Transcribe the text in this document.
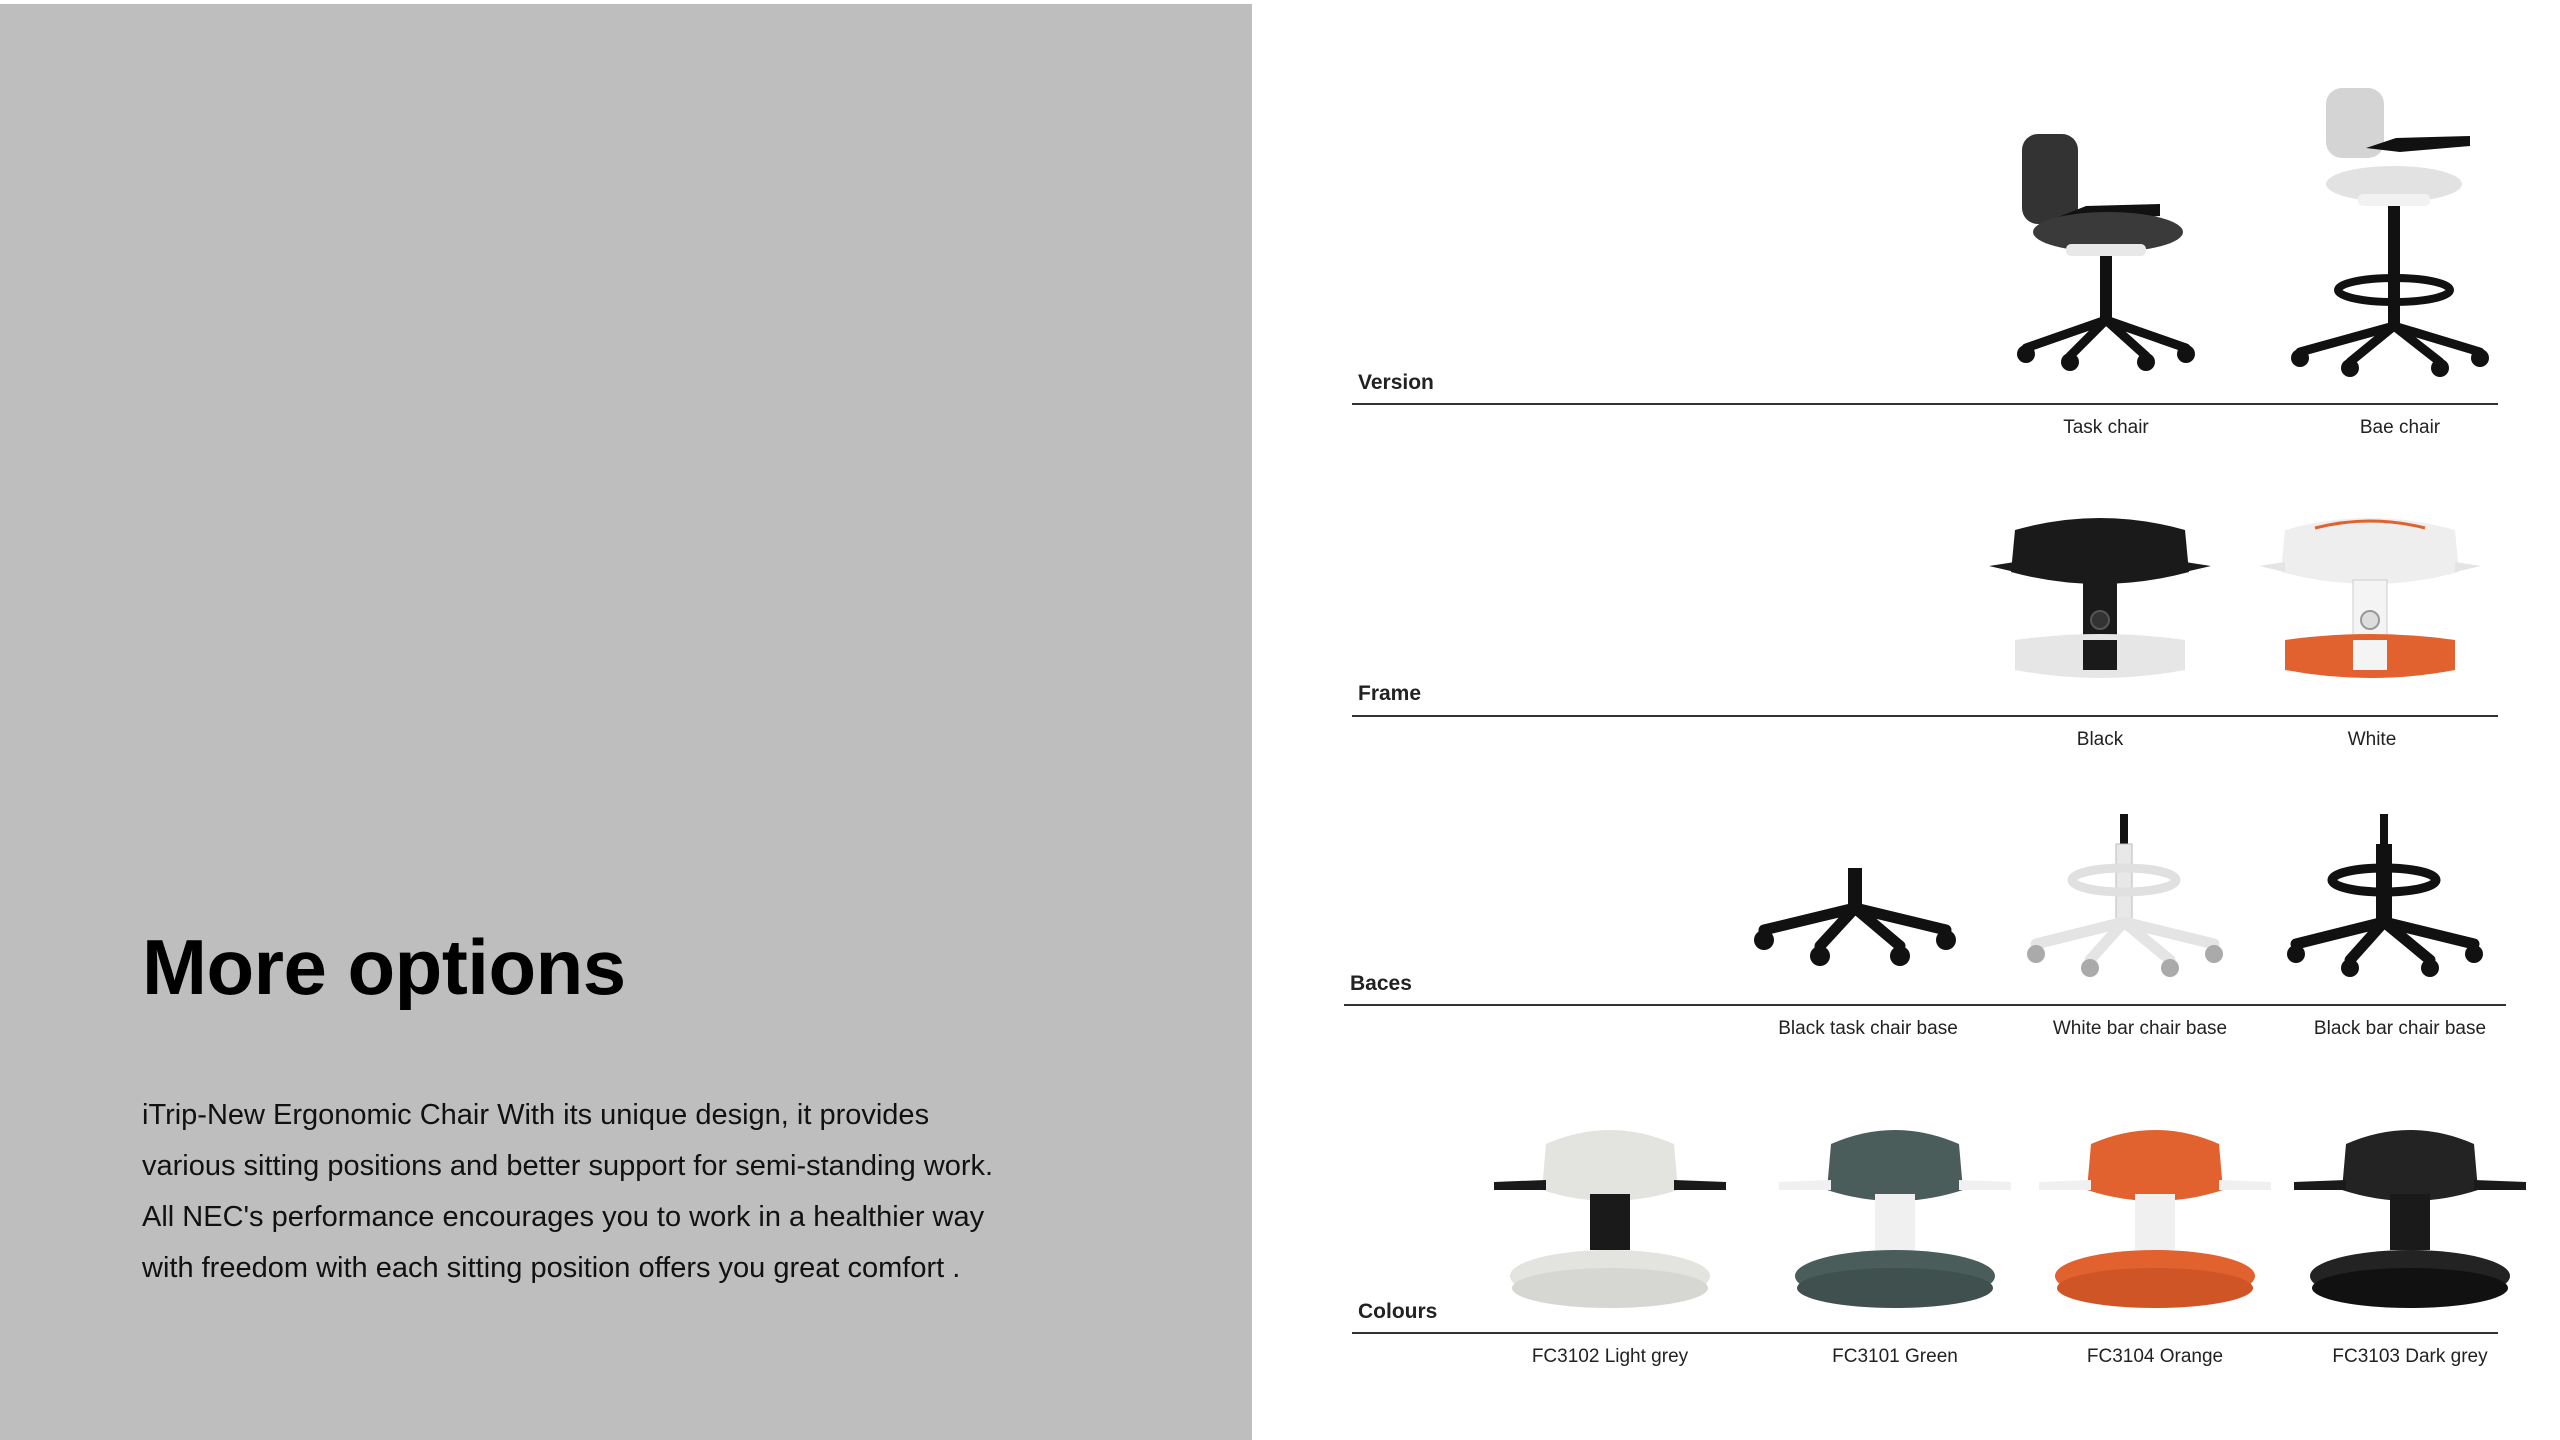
More options
iTrip-New Ergonomic Chair With its unique design, it provides
various sitting positions and better support for semi-standing work.
All NEC's performance encourages you to work in a healthier way
with freedom with each sitting position offers you great comfort .
Version
Task chair	Bae chair
Frame
Black	White
Baces
Black task chair base	White bar chair base	Black bar chair base
Colours
FC3102 Light grey	FC3101 Green	FC3104 Orange	FC3103 Dark grey
